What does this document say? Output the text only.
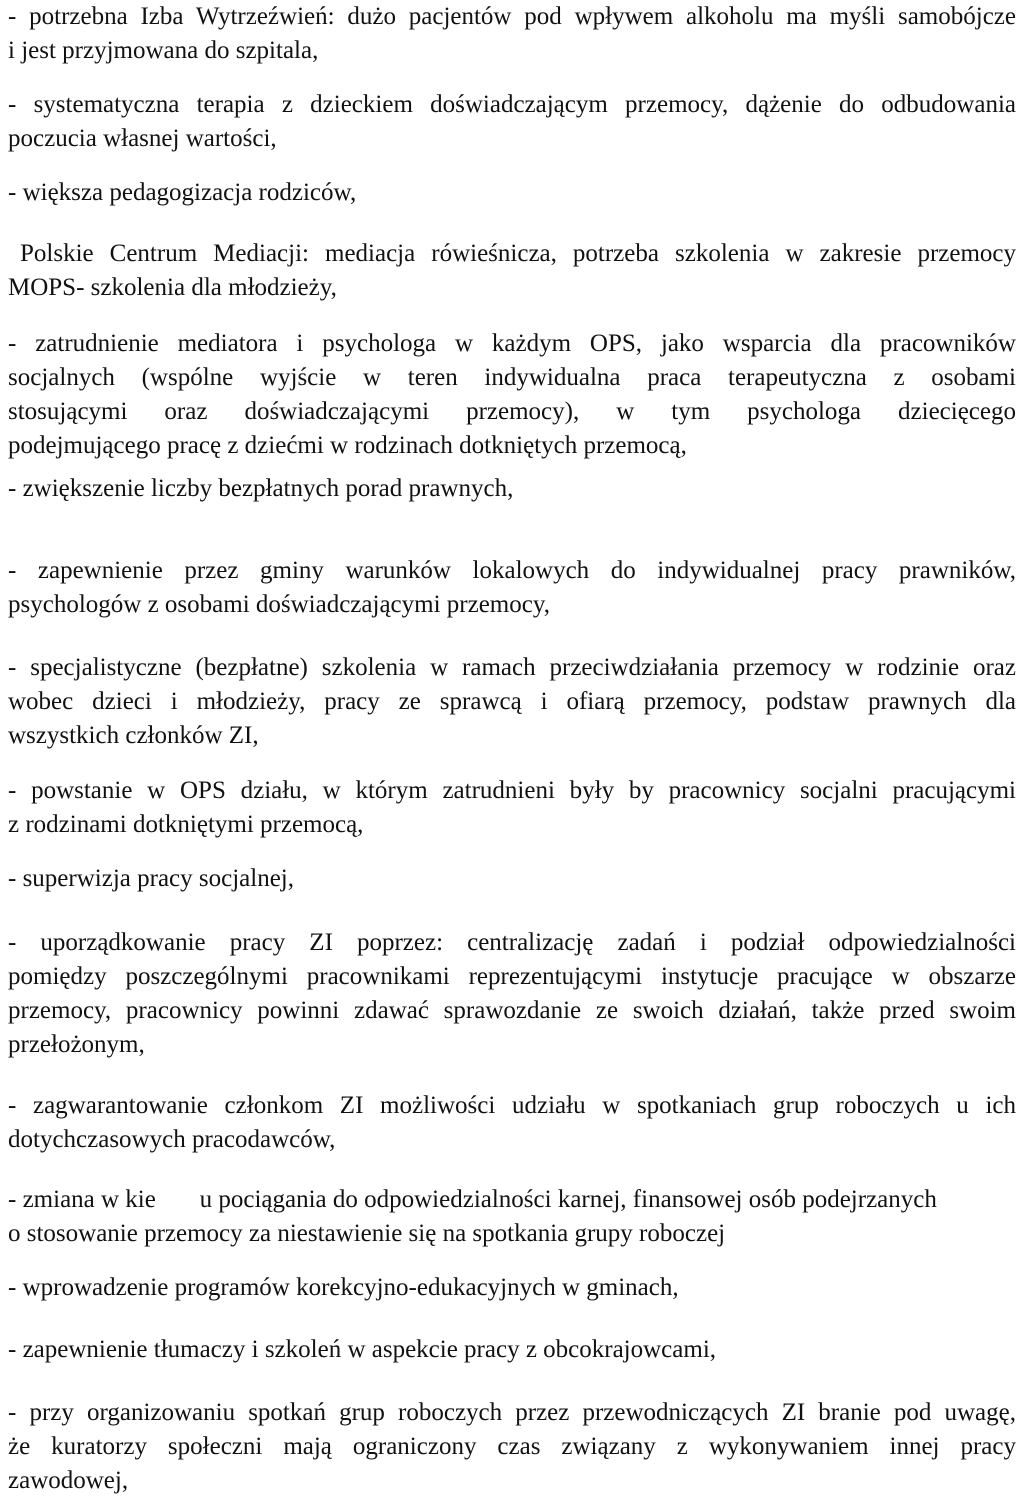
- potrzebna Izba Wytrzeźwień: dużo pacjentów pod wpływem alkoholu ma myśli samobójcze
i jest przyjmowana do szpitala,
- systematyczna terapia z dzieckiem doświadczającym przemocy, dążenie do odbudowania
poczucia własnej wartości,
- większa pedagogizacja rodziców,
Polskie Centrum Mediacji: mediacja rówieśnicza, potrzeba szkolenia w zakresie przemocy
MOPS- szkolenia dla młodzieży,
- zatrudnienie mediatora i psychologa w każdym OPS, jako wsparcia dla pracowników
socjalnych (wspólne wyjście w teren indywidualna praca terapeutyczna z osobami
stosującymi oraz doświadczającymi przemocy), w tym psychologa dziecięcego
podejmującego pracę z dziećmi w rodzinach dotkniętych przemocą,
- zwiększenie liczby bezpłatnych porad prawnych,
- zapewnienie przez gminy warunków lokalowych do indywidualnej pracy prawników,
psychologów z osobami doświadczającymi przemocy,
- specjalistyczne (bezpłatne) szkolenia w ramach przeciwdziałania przemocy w rodzinie oraz
wobec dzieci i młodzieży, pracy ze sprawcą i ofiarą przemocy, podstaw prawnych dla
wszystkich członków ZI,
- powstanie w OPS działu, w którym zatrudnieni były by pracownicy socjalni pracującymi
z rodzinami dotkniętymi przemocą,
- superwizja pracy socjalnej,
- uporządkowanie pracy ZI poprzez: centralizację zadań i podział odpowiedzialności
pomiędzy poszczególnymi pracownikami reprezentującymi instytucje pracujące w obszarze
przemocy, pracownicy powinni zdawać sprawozdanie ze swoich działań, także przed swoim
przełożonym,
- zagwarantowanie członkom ZI możliwości udziału w spotkaniach grup roboczych u ich
dotychczasowych pracodawców,
- zmiana w kie       u pociągania do odpowiedzialności karnej, finansowej osób podejrzanych
o stosowanie przemocy za niestawienie się na spotkania grupy roboczej
- wprowadzenie programów korekcyjno-edukacyjnych w gminach,
- zapewnienie tłumaczy i szkoleń w aspekcie pracy z obcokrajowcami,
- przy organizowaniu spotkań grup roboczych przez przewodniczących ZI branie pod uwagę,
że kuratorzy społeczni mają ograniczony czas związany z wykonywaniem innej pracy
zawodowej,
